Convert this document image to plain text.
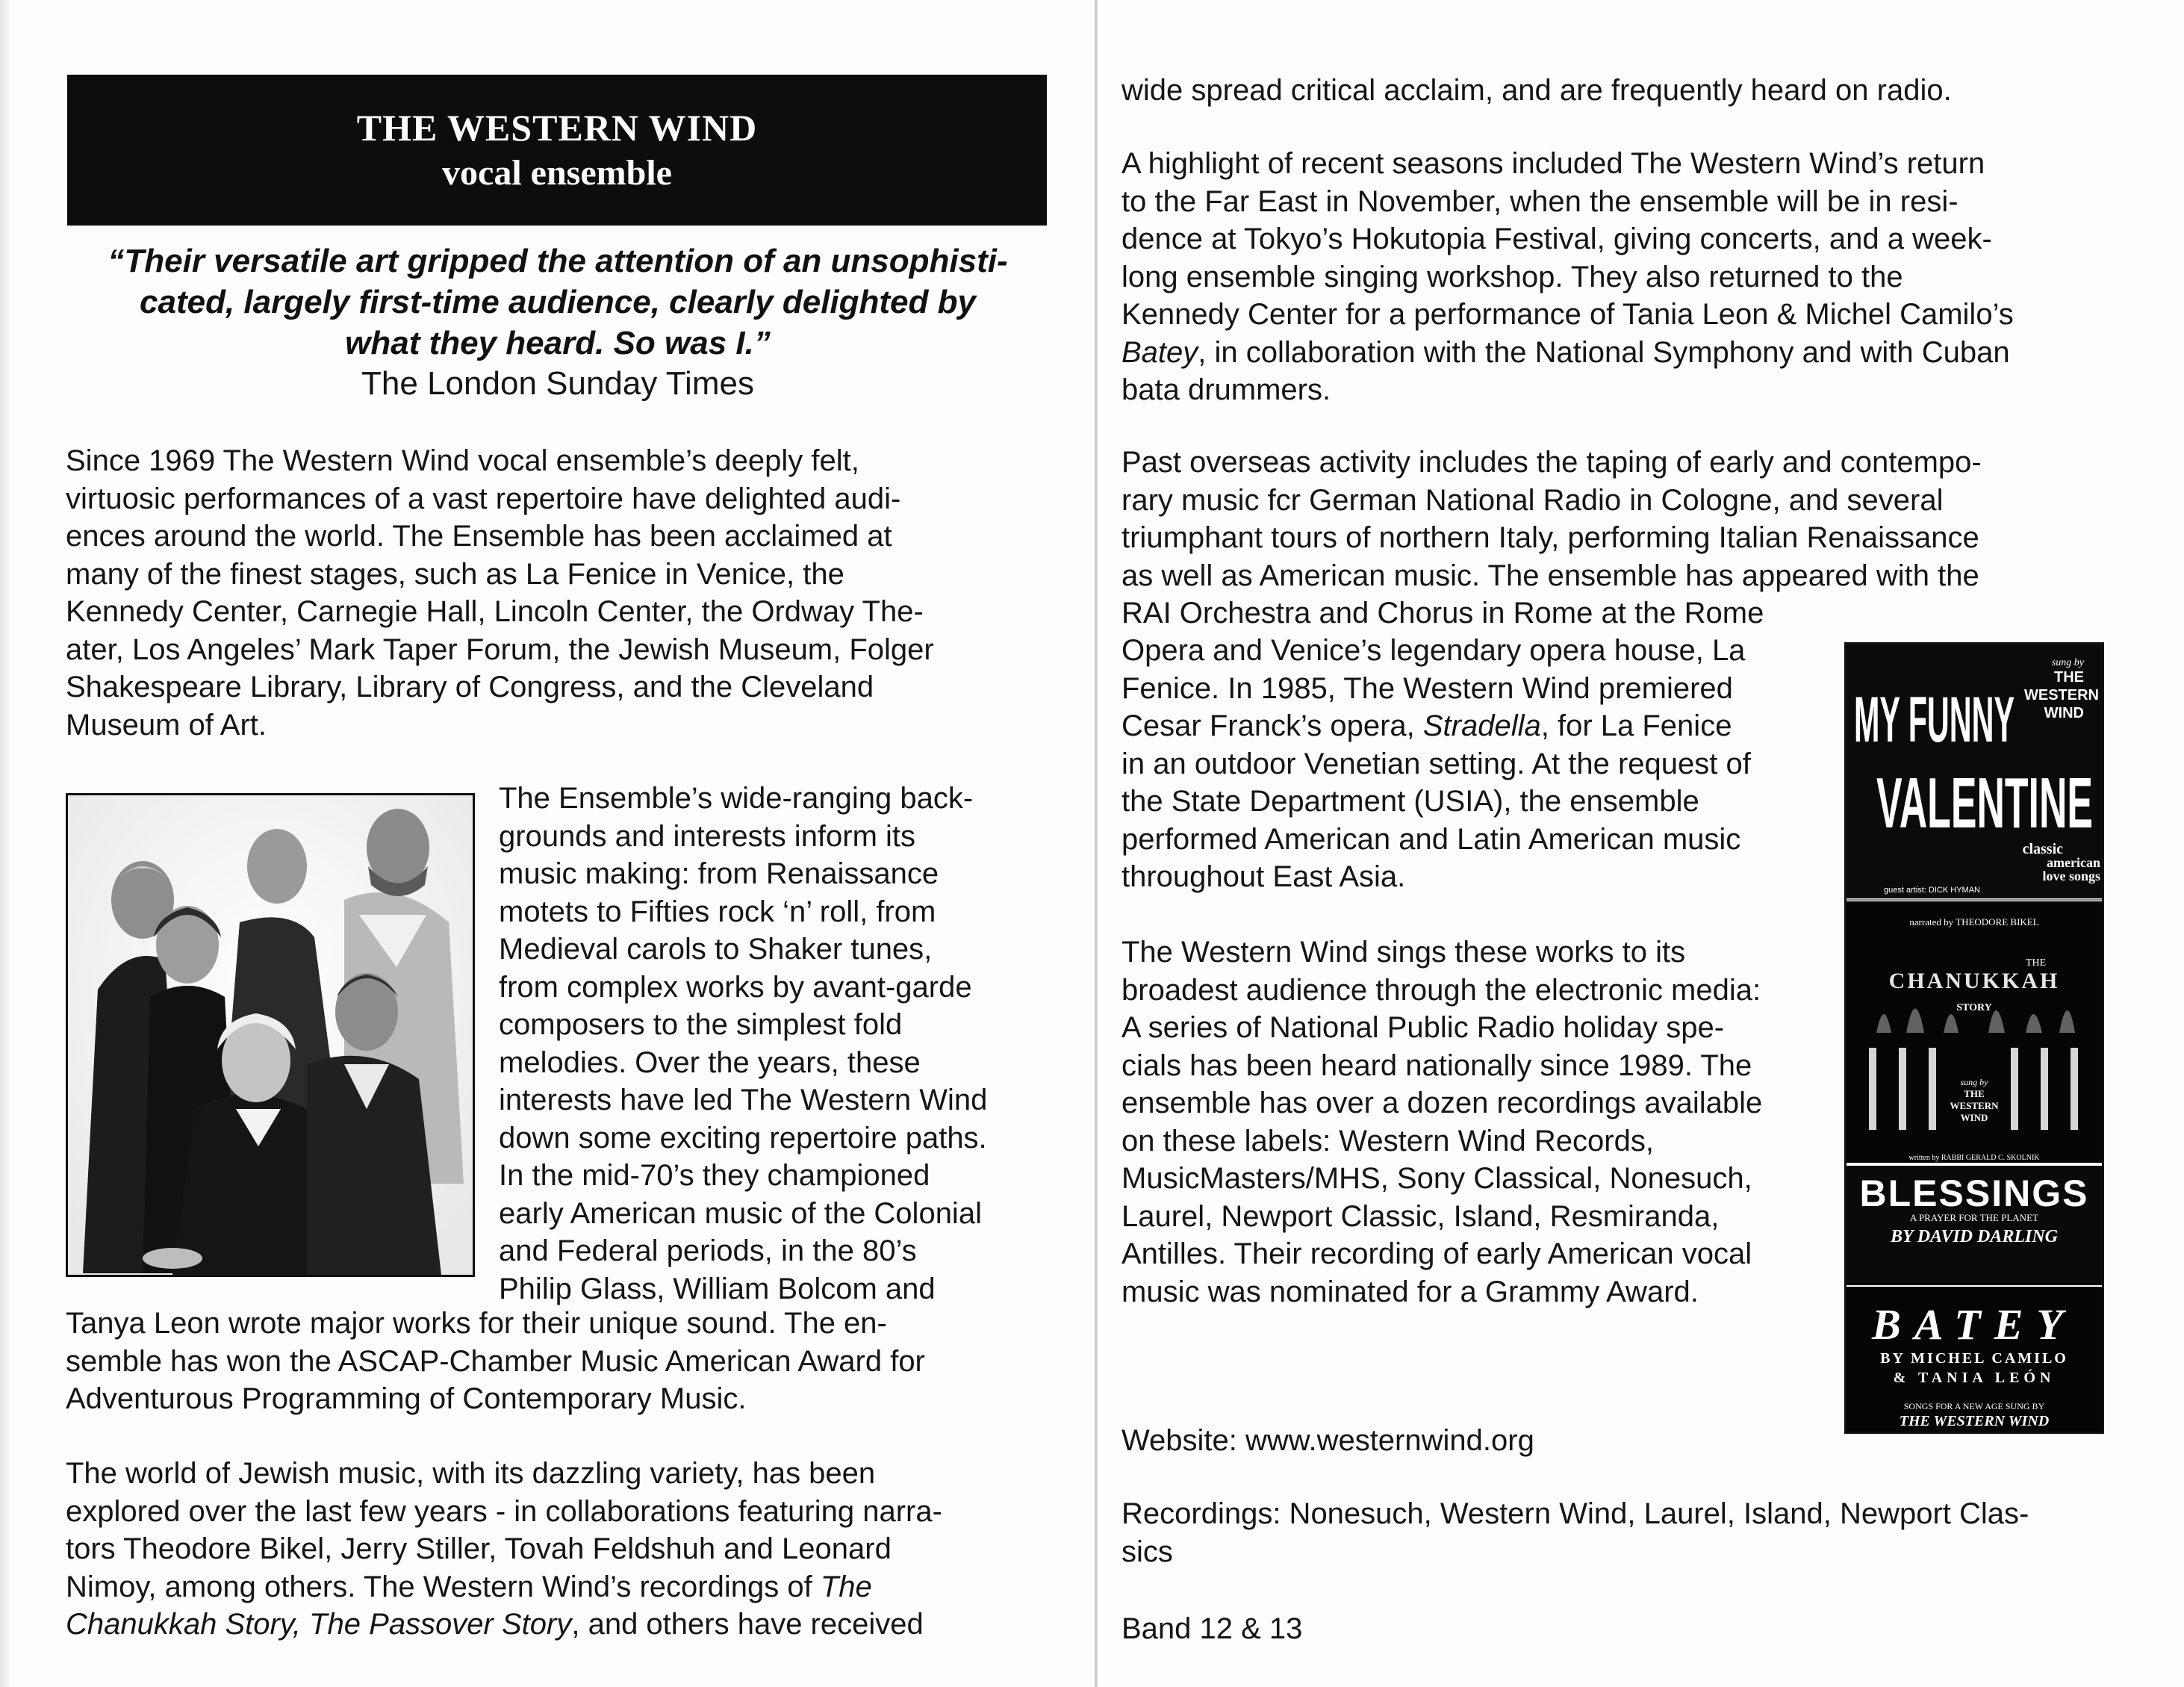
THE WESTERN WIND
vocal ensemble
“Their versatile art gripped the attention of an unsophisti-
cated, largely first-time audience, clearly delighted by
what they heard. So was I.”
The London Sunday Times

Since 1969 The Western Wind vocal ensemble’s deeply felt,

virtuosic performances of a vast repertoire have delighted audi-

ences around the world. The Ensemble has been acclaimed at

many of the finest stages, such as La Fenice in Venice, the

Kennedy Center, Carnegie Hall, Lincoln Center, the Ordway The-

ater, Los Angeles’ Mark Taper Forum, the Jewish Museum, Folger

Shakespeare Library, Library of Congress, and the Cleveland

Museum of Art.

The Ensemble’s wide-ranging back-

grounds and interests inform its

music making: from Renaissance

motets to Fifties rock ‘n’ roll, from

Medieval carols to Shaker tunes,

from complex works by avant-garde

composers to the simplest fold

melodies. Over the years, these

interests have led The Western Wind

down some exciting repertoire paths.

In the mid-70’s they championed

early American music of the Colonial

and Federal periods, in the 80’s

Philip Glass, William Bolcom and

Tanya Leon wrote major works for their unique sound. The en-

semble has won the ASCAP-Chamber Music American Award for

Adventurous Programming of Contemporary Music.

The world of Jewish music, with its dazzling variety, has been

explored over the last few years - in collaborations featuring narra-

tors Theodore Bikel, Jerry Stiller, Tovah Feldshuh and Leonard

Nimoy, among others. The Western Wind’s recordings of The

Chanukkah Story, The Passover Story, and others have received

wide spread critical acclaim, and are frequently heard on radio.

A highlight of recent seasons included The Western Wind’s return

to the Far East in November, when the ensemble will be in resi-

dence at Tokyo’s Hokutopia Festival, giving concerts, and a week-

long ensemble singing workshop. They also returned to the

Kennedy Center for a performance of Tania Leon & Michel Camilo’s

Batey, in collaboration with the National Symphony and with Cuban

bata drummers.

Past overseas activity includes the taping of early and contempo-

rary music fcr German National Radio in Cologne, and several

triumphant tours of northern Italy, performing Italian Renaissance

as well as American music. The ensemble has appeared with the

RAI Orchestra and Chorus in Rome at the Rome

Opera and Venice’s legendary opera house, La

Fenice. In 1985, The Western Wind premiered

Cesar Franck’s opera, Stradella, for La Fenice

in an outdoor Venetian setting. At the request of

the State Department (USIA), the ensemble

performed American and Latin American music

throughout East Asia.

The Western Wind sings these works to its

broadest audience through the electronic media:

A series of National Public Radio holiday spe-

cials has been heard nationally since 1989. The

ensemble has over a dozen recordings available

on these labels: Western Wind Records,

MusicMasters/MHS, Sony Classical, Nonesuch,

Laurel, Newport Classic, Island, Resmiranda,

Antilles. Their recording of early American vocal

music was nominated for a Grammy Award.

sung by
THE
WESTERN
WIND
MY FUNNY
VALENTINE
classic
american
love songs
guest artist: DICK HYMAN
narrated by THEODORE BIKEL
THE
CHANUKKAH
STORY
sung by
THE
WESTERN
WIND
written by RABBI GERALD C. SKOLNIK
BLESSINGS
A PRAYER FOR THE PLANET
BY DAVID DARLING
BATEY
BY MICHEL CAMILO
& TANIA LEÓN
SONGS FOR A NEW AGE SUNG BY
THE WESTERN WIND

Website: www.westernwind.org

Recordings: Nonesuch, Western Wind, Laurel, Island, Newport Clas-

sics

Band 12 & 13
